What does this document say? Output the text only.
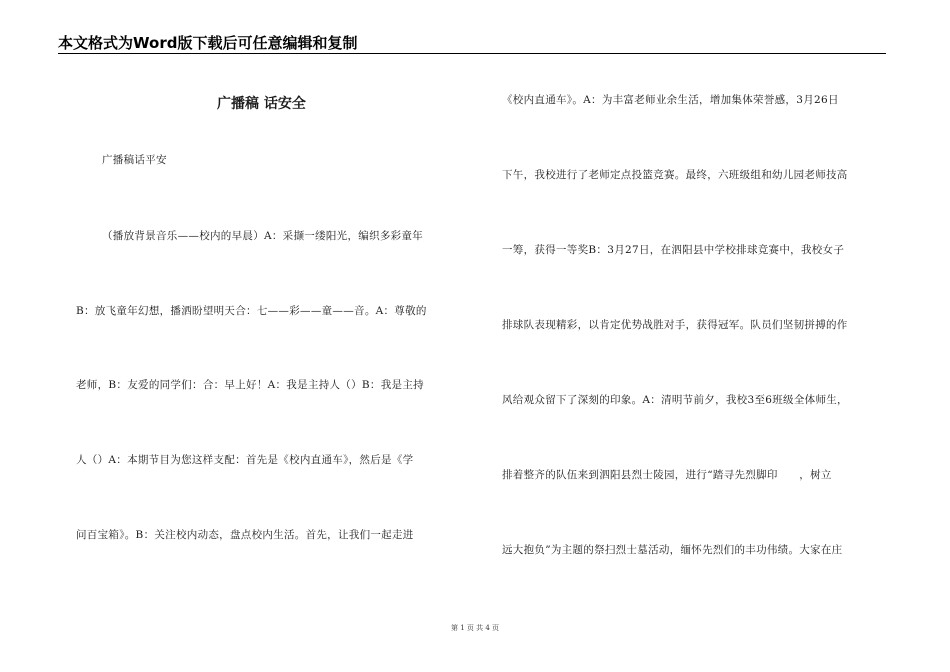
本文格式为Word版下载后可任意编辑和复制
广播稿 话安全
广播稿话平安
（播放背景音乐——校内的早晨）A：采撷一缕阳光，编织多彩童年
B：放飞童年幻想，播洒盼望明天合：七——彩——童——音。A：尊敬的
老师，B：友爱的同学们：合：早上好！A：我是主持人（）B：我是主持
人（）A：本期节目为您这样支配：首先是《校内直通车》，然后是《学
问百宝箱》。B：关注校内动态，盘点校内生活。首先，让我们一起走进
《校内直通车》。A：为丰富老师业余生活，增加集体荣誉感，3月26日
下午，我校进行了老师定点投篮竞赛。最终，六班级组和幼儿园老师技高
一筹，获得一等奖B：3月27日，在泗阳县中学校排球竞赛中，我校女子
排球队表现精彩，以肯定优势战胜对手，获得冠军。队员们坚韧拼搏的作
风给观众留下了深刻的印象。A：清明节前夕，我校3至6班级全体师生，
排着整齐的队伍来到泗阳县烈士陵园，进行“踏寻先烈脚印　　，树立
远大抱负”为主题的祭扫烈士墓活动，缅怀先烈们的丰功伟绩。大家在庄
第 1 页 共 4 页
